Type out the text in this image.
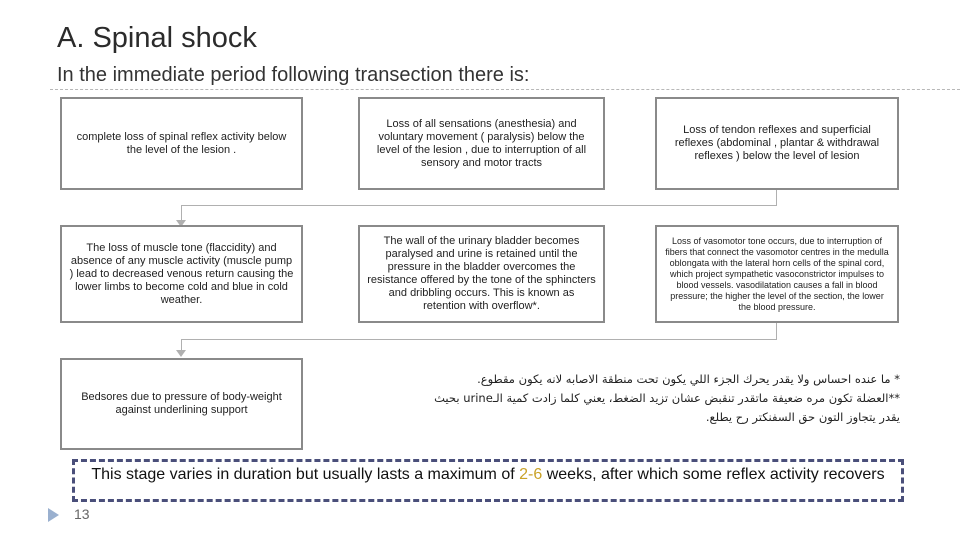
A. Spinal shock
In the immediate period following transection there is:
complete loss of spinal reflex activity below the level of the lesion .
Loss of all sensations (anesthesia) and voluntary movement ( paralysis) below the level of the lesion , due to interruption of all sensory and motor tracts
Loss of tendon reflexes and superficial reflexes (abdominal , plantar & withdrawal reflexes ) below the level of lesion
The loss of muscle tone (flaccidity) and absence of any muscle activity (muscle pump ) lead to decreased venous return causing the lower limbs to become cold and blue in cold weather.
The wall of the urinary bladder becomes paralysed and urine is retained until the pressure in the bladder overcomes the resistance offered by the tone of the sphincters and dribbling occurs. This is known as retention with overflow*.
Loss of vasomotor tone occurs, due to interruption of fibers that connect the vasomotor centres in the medulla oblongata with the lateral horn cells of the spinal cord, which project sympathetic vasoconstrictor impulses to blood vessels. vasodilatation causes a fall in blood pressure; the higher the level of the section, the lower the blood pressure.
Bedsores due to pressure of body-weight against underlining support
* ما عنده احساس ولا يقدر يحرك الجزء اللي يكون تحت منطقة الاصابه لانه يكون مقطوع.
**العضلة تكون مره ضعيفة ماتقدر تنقبض عشان تزيد الضغط، يعني كلما زادت كمية الـurine بحيث
يقدر يتجاوز التون حق السفنكتر رح يطلع.
This stage varies in duration but usually lasts a maximum of 2-6 weeks, after which some reflex activity recovers
13
